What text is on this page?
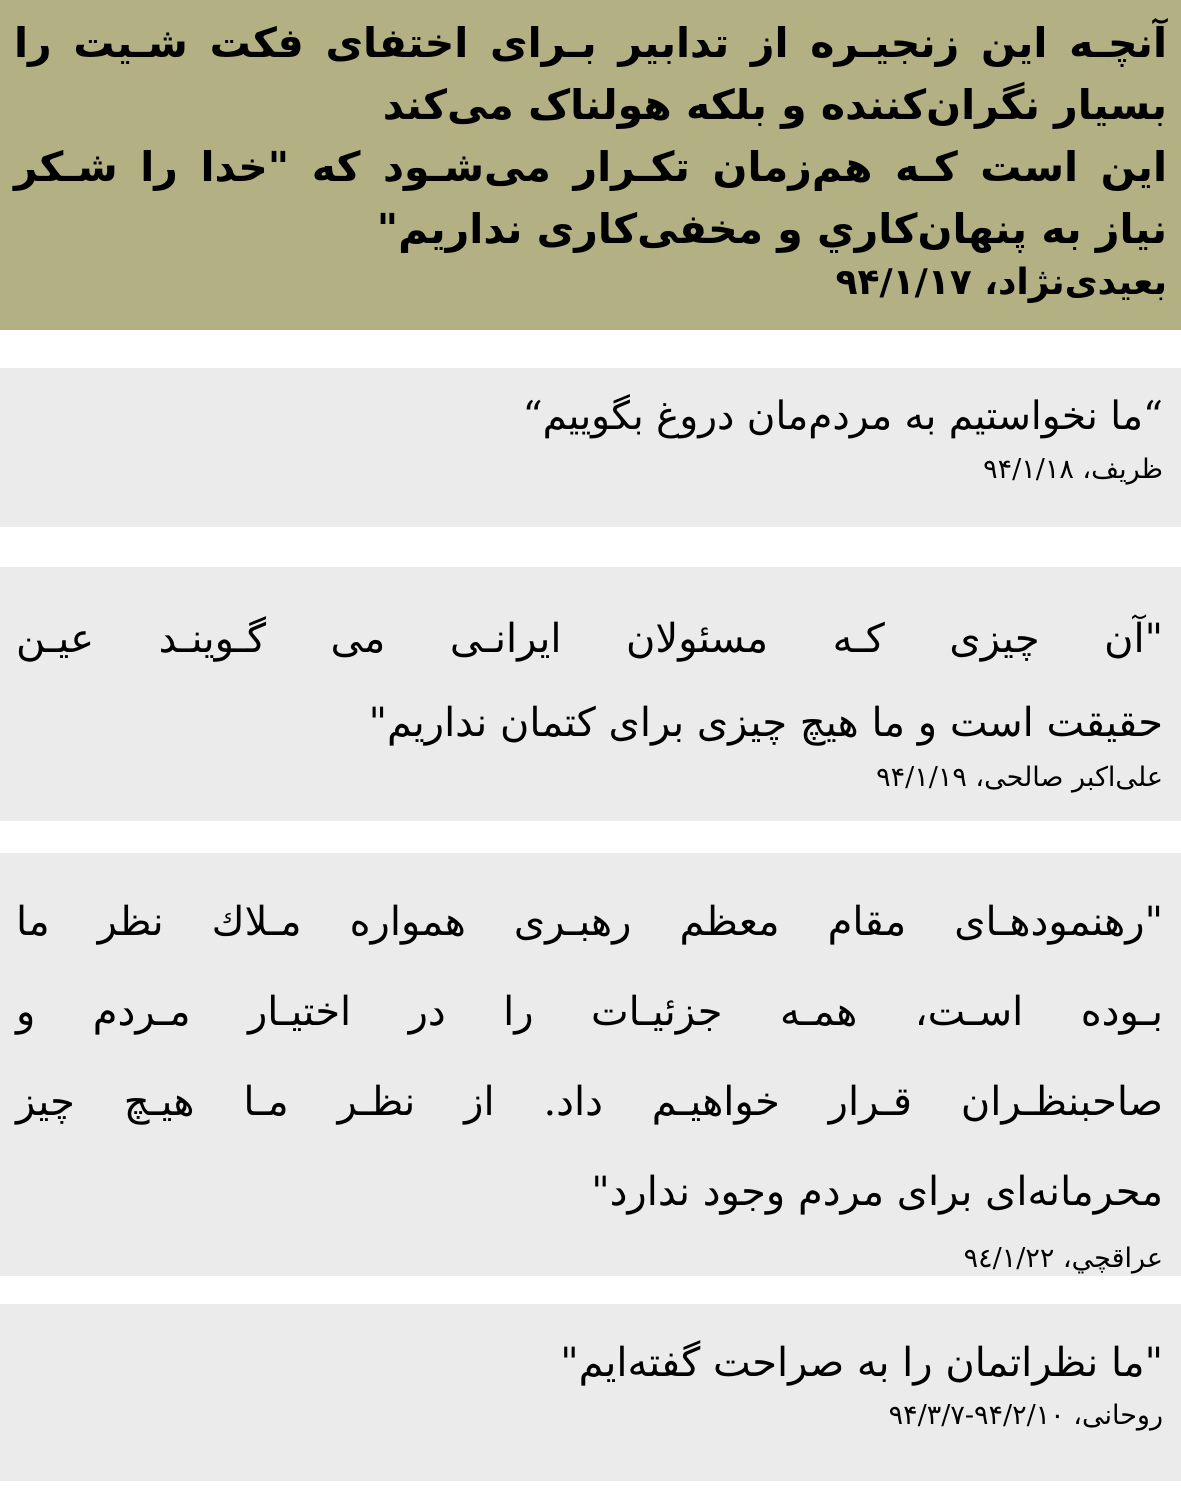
آنچـه این زنجیـره از تدابیر بـرای اختفای فکت شـیت را

بسیار نگران‌کننده و بلکه هولناک می‌کند

این است کـه هم‌زمان تکـرار می‌شـود که "خدا را شـکر

نیاز به پنهان‌کاري و مخفی‌کاری نداریم"

بعیدی‌نژاد، ۹۴/۱/۱۷

“ما نخواستیم به مردم‌مان دروغ بگوییم“

ظریف، ۹۴/۱/۱۸

"آن چیزی کـه مسئولان ایرانـی می گـوینـد عیـن

حقیقت است و ما هیچ چیزی برای کتمان نداریم"

علی‌اکبر صالحی، ۹۴/۱/۱۹

"رهنمودهـای مقام معظم رهبـری همواره مـلاك نظر ما

بـوده اسـت، همـه جزئیـات را در اختیـار مـردم و

صاحبنظـران قـرار خواهیـم داد. از نظـر مـا هیـچ چیز

محرمانه‌ای برای مردم وجود ندارد"

عراقچي، ٩٤/١/٢٢

"ما نظراتمان را به صراحت گفته‌ایم"

روحانی، ۹۴/۲/۱۰-۹۴/۳/۷
